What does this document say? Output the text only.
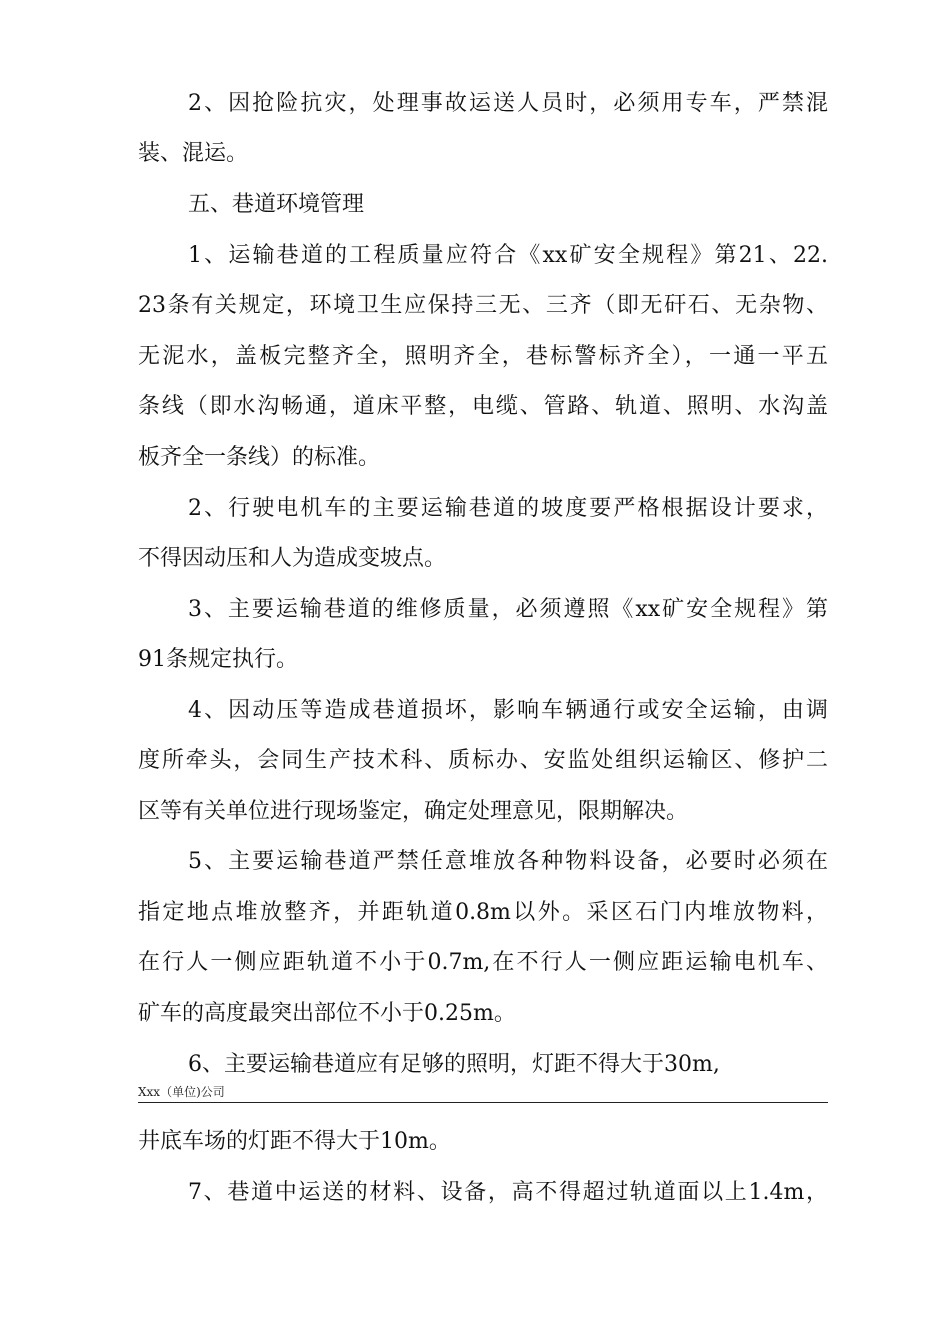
2、因抢险抗灾，处理事故运送人员时，必须用专车，严禁混
装、混运。
五、巷道环境管理
1、运输巷道的工程质量应符合《xx矿安全规程》第21、22.
23条有关规定，环境卫生应保持三无、三齐（即无矸石、无杂物、
无泥水，盖板完整齐全，照明齐全，巷标警标齐全），一通一平五
条线（即水沟畅通，道床平整，电缆、管路、轨道、照明、水沟盖
板齐全一条线）的标准。
2、行驶电机车的主要运输巷道的坡度要严格根据设计要求，
不得因动压和人为造成变坡点。
3、主要运输巷道的维修质量，必须遵照《xx矿安全规程》第
91条规定执行。
4、因动压等造成巷道损坏，影响车辆通行或安全运输，由调
度所牵头，会同生产技术科、质标办、安监处组织运输区、修护二
区等有关单位进行现场鉴定，确定处理意见，限期解决。
5、主要运输巷道严禁任意堆放各种物料设备，必要时必须在
指定地点堆放整齐，并距轨道0.8m以外。采区石门内堆放物料，
在行人一侧应距轨道不小于0.7m,在不行人一侧应距运输电机车、
矿车的高度最突出部位不小于0.25m。
6、主要运输巷道应有足够的照明，灯距不得大于30m,
Xxx（单位)公司
井底车场的灯距不得大于10m。
7、巷道中运送的材料、设备，高不得超过轨道面以上1.4m，
